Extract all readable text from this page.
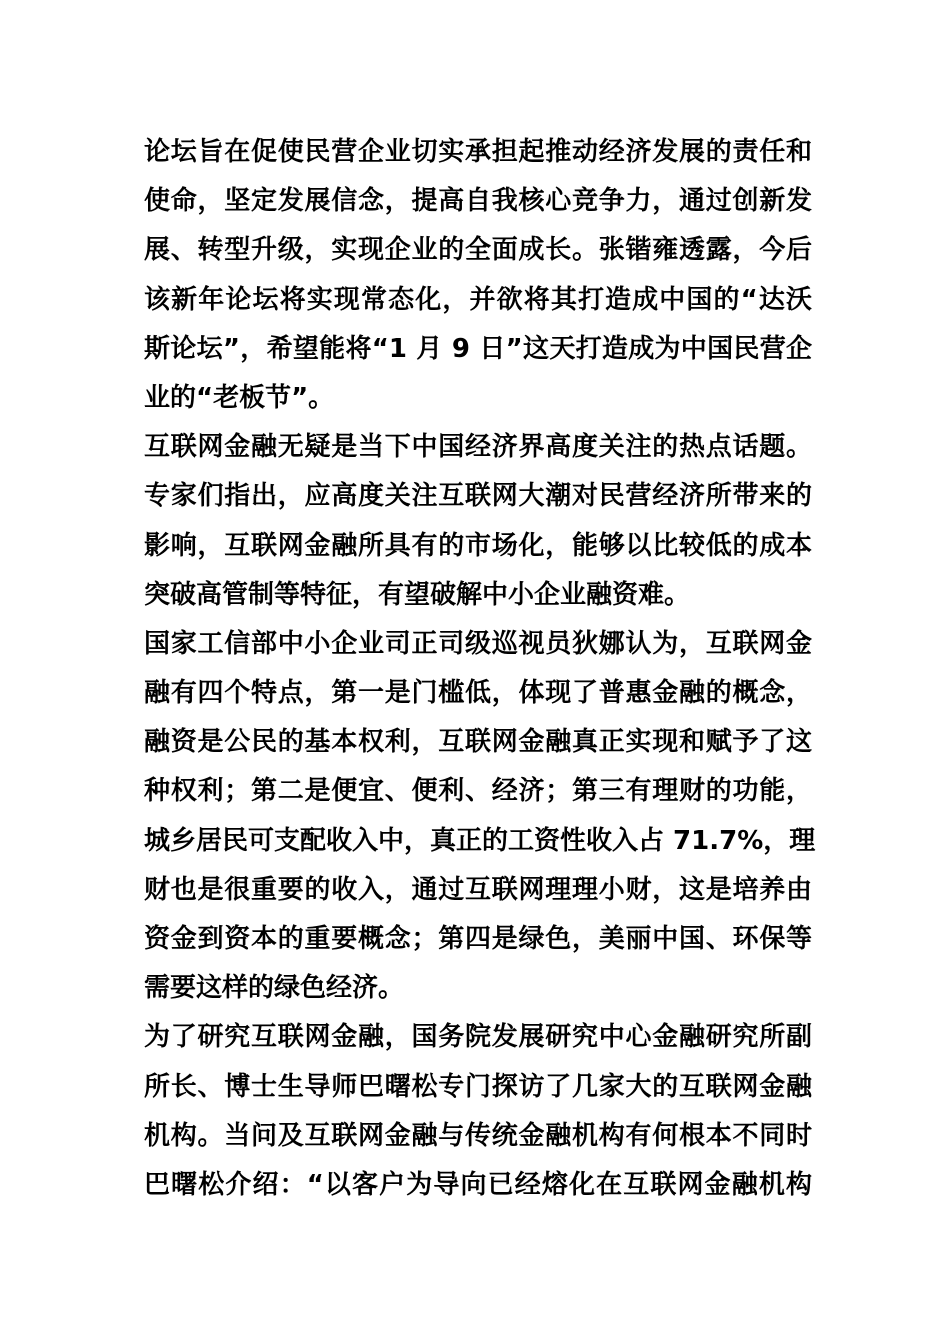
论坛旨在促使民营企业切实承担起推动经济发展的责任和
使命，坚定发展信念，提高自我核心竞争力，通过创新发
展、转型升级，实现企业的全面成长。张锴雍透露，今后
该新年论坛将实现常态化，并欲将其打造成中国的“达沃
斯论坛”，希望能将“1 月 9 日”这天打造成为中国民营企
业的“老板节”。
互联网金融无疑是当下中国经济界高度关注的热点话题。
专家们指出，应高度关注互联网大潮对民营经济所带来的
影响，互联网金融所具有的市场化，能够以比较低的成本
突破高管制等特征，有望破解中小企业融资难。
国家工信部中小企业司正司级巡视员狄娜认为，互联网金
融有四个特点，第一是门槛低，体现了普惠金融的概念，
融资是公民的基本权利，互联网金融真正实现和赋予了这
种权利；第二是便宜、便利、经济；第三有理财的功能，
城乡居民可支配收入中，真正的工资性收入占 71.7%，理
财也是很重要的收入，通过互联网理理小财，这是培养由
资金到资本的重要概念；第四是绿色，美丽中国、环保等
需要这样的绿色经济。
为了研究互联网金融，国务院发展研究中心金融研究所副
所长、博士生导师巴曙松专门探访了几家大的互联网金融
机构。当问及互联网金融与传统金融机构有何根本不同时
巴曙松介绍：“以客户为导向已经熔化在互联网金融机构
